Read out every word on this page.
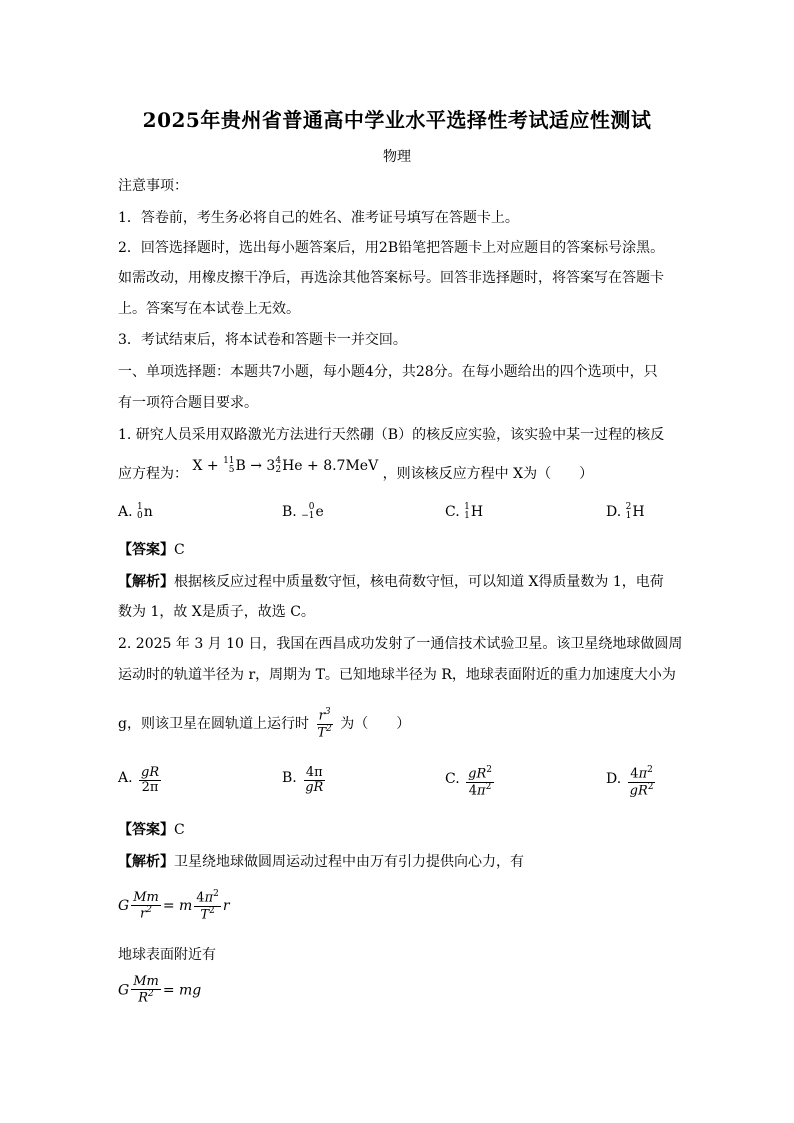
2025年贵州省普通高中学业水平选择性考试适应性测试
物理
注意事项：
1．答卷前，考生务必将自己的姓名、准考证号填写在答题卡上。
2．回答选择题时，选出每小题答案后，用2B铅笔把答题卡上对应题目的答案标号涂黑。
如需改动，用橡皮擦干净后，再选涂其他答案标号。回答非选择题时，将答案写在答题卡
上。答案写在本试卷上无效。
3．考试结束后，将本试卷和答题卡一并交回。
一、单项选择题：本题共7小题，每小题4分，共28分。在每小题给出的四个选项中，只
有一项符合题目要求。
1. 研究人员采用双路激光方法进行天然硼（B）的核反应实验，该实验中某一过程的核反
应方程为： X + 11
5 B → 3 4
2 He + 8.7MeV ，则该核反应方程中 X为（　　）
A. 1
0 n	B.	0
−1 e	C. 1
1 H	D. 2
1 H
【答案】C
【解析】根据核反应过程中质量数守恒，核电荷数守恒，可以知道 X得质量数为 1，电荷
数为 1，故 X是质子，故选 C。
2. 2025 年 3 月 10 日，我国在西昌成功发射了一通信技术试验卫星。该卫星绕地球做圆周
运动时的轨道半径为 r，周期为 T。已知地球半径为 R，地球表面附近的重力加速度大小为
g，则该卫星在圆轨道上运行时 $\frac{r^3}{T^2}$ 为（　　）
A. $\frac{gR}{2\pi}$	B. $\frac{4\pi}{gR}$	C. $\frac{gR^2}{4\pi^2}$	D. $\frac{4\pi^2}{gR^2}$
【答案】C
【解析】卫星绕地球做圆周运动过程中由万有引力提供向心力，有
G $\frac{Mm}{r^2} = m \frac{4\pi^2}{T^2}$ r
地球表面附近有
G $\frac{Mm}{R^2}$ = mg
